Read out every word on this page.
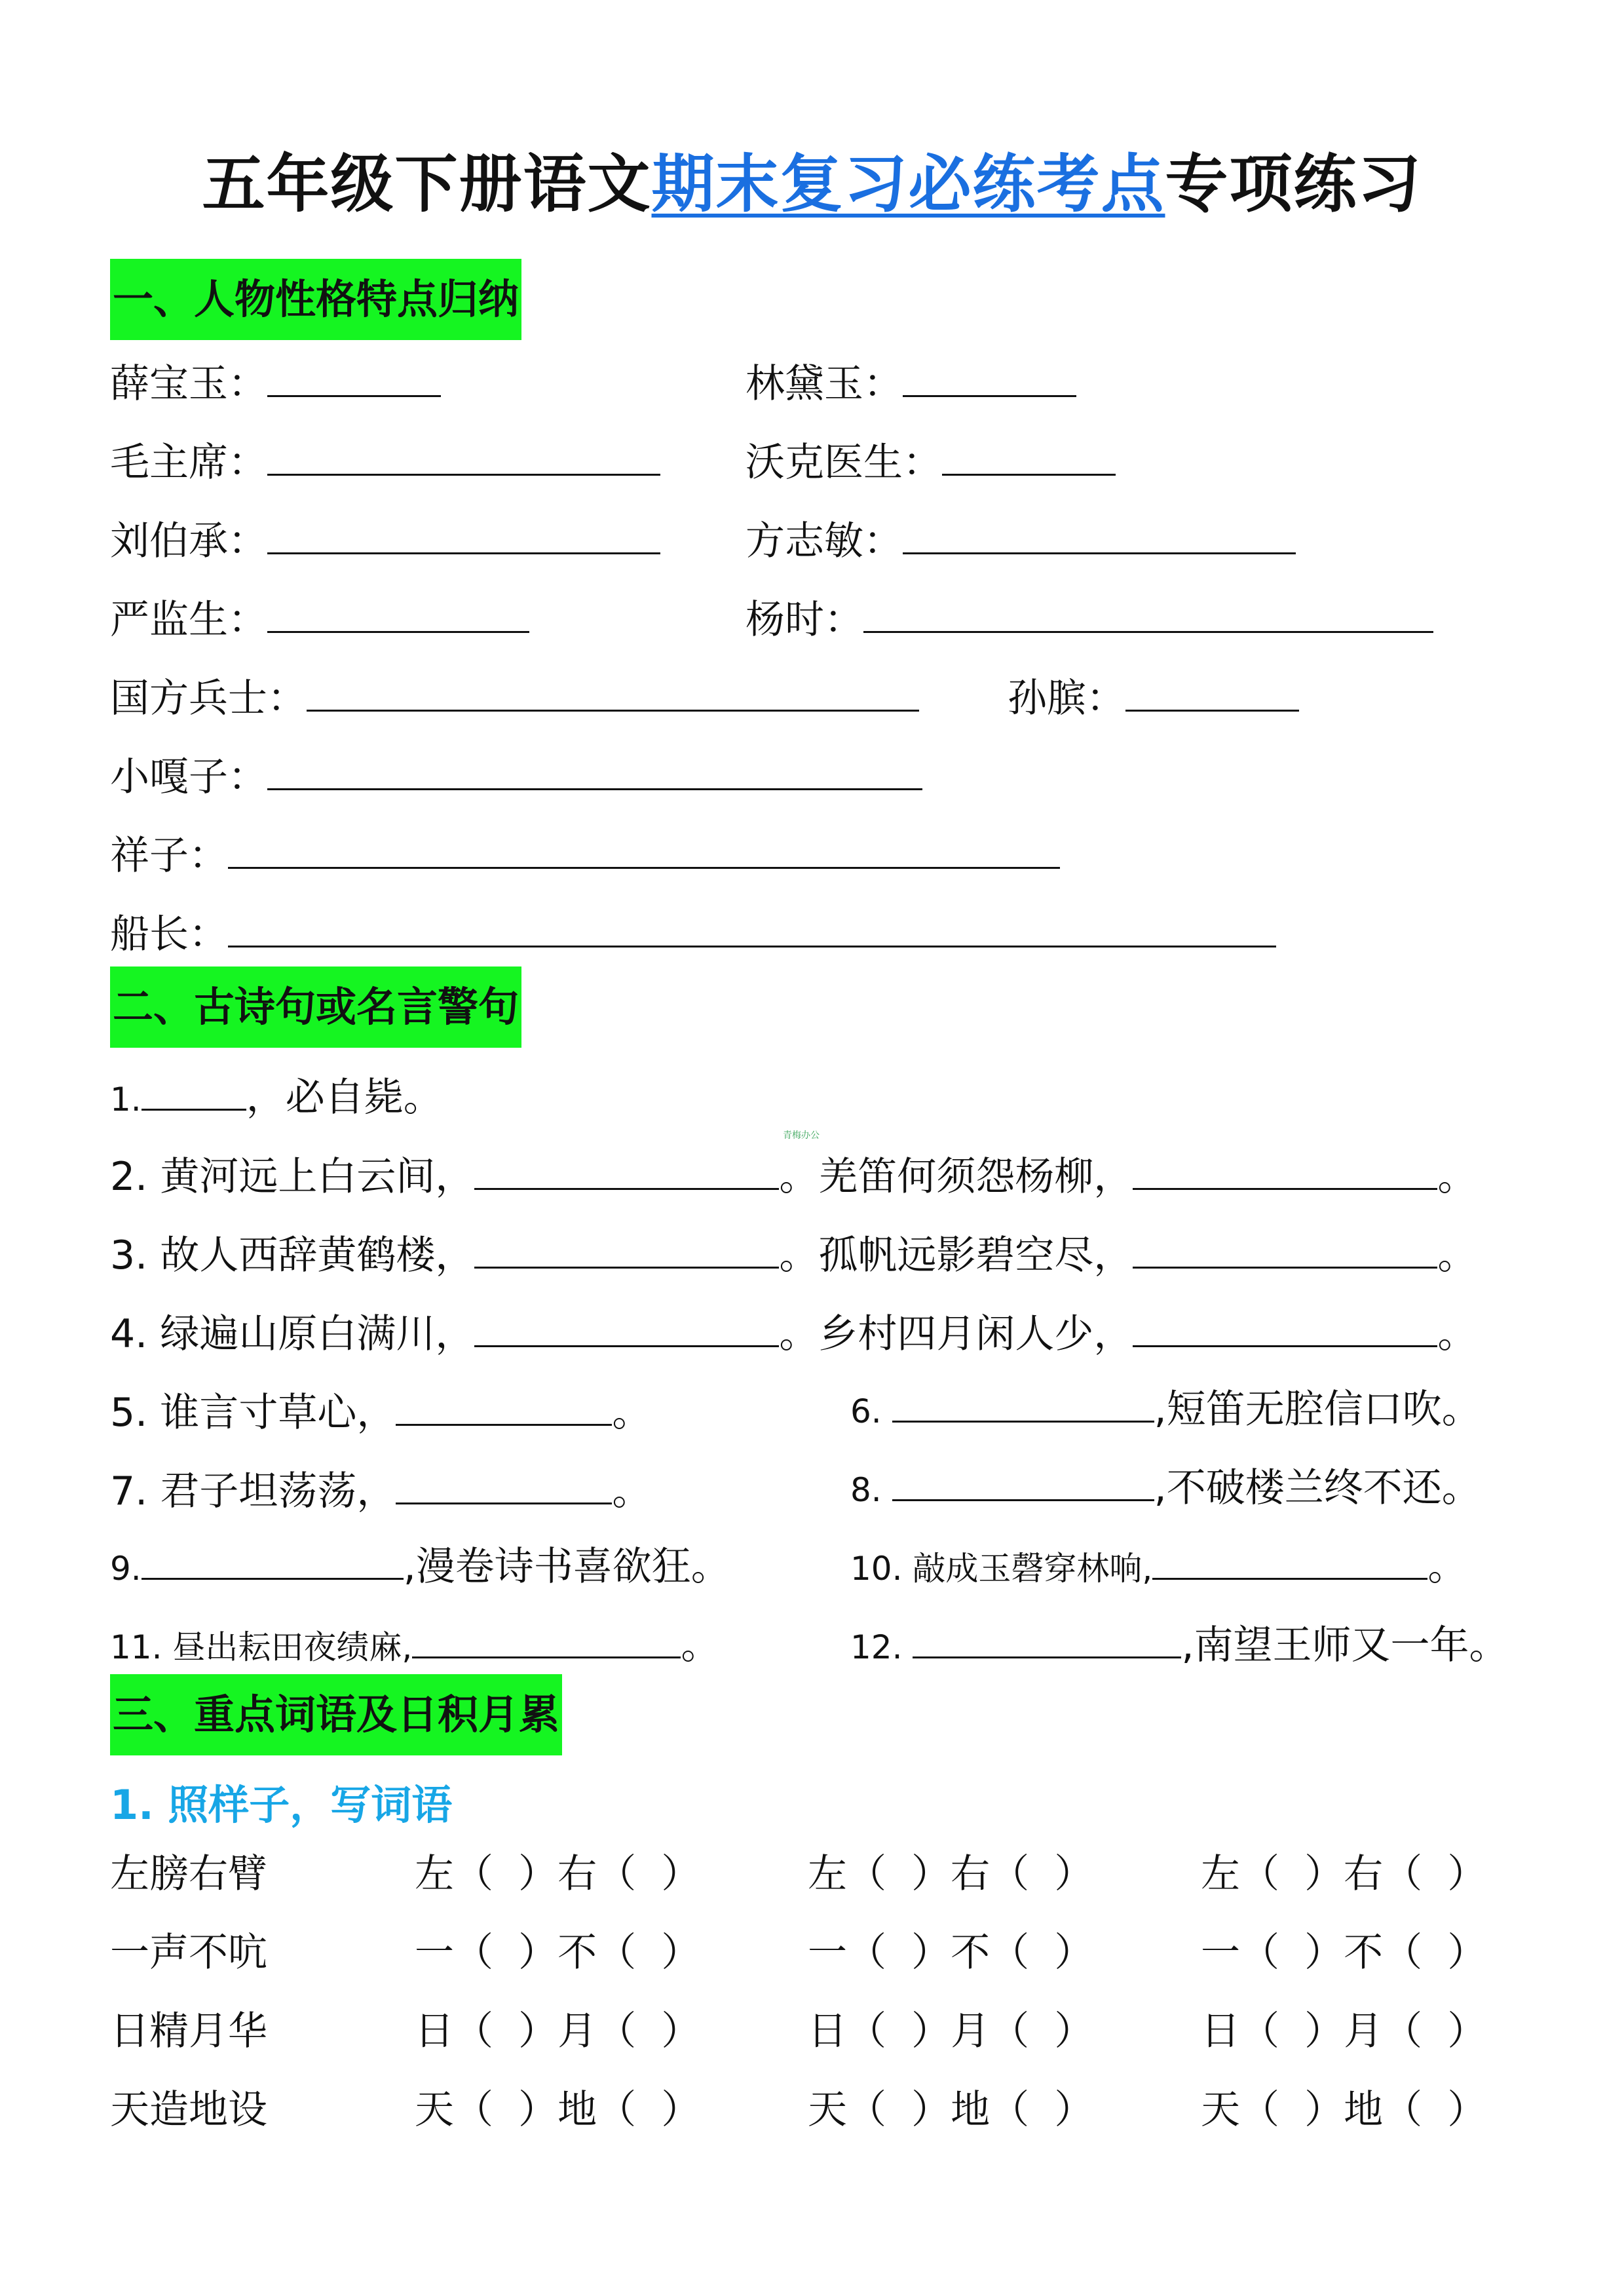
五年级下册语文期末复习必练考点专项练习
一、人物性格特点归纳
薛宝玉：	林黛玉：
毛主席：	沃克医生：
刘伯承：	方志敏：
严监生：	杨时：
国方兵士：	孙膑：
小嘎子：
祥子：
船长：
二、古诗句或名言警句
1.	，必自毙。
青梅办公
2. 黄河远上白云间，	。羌笛何须怨杨柳，	。
3. 故人西辞黄鹤楼，	。孤帆远影碧空尽，	。
4. 绿遍山原白满川，	。乡村四月闲人少，	。
5. 谁言寸草心，	。	6.	,短笛无腔信口吹。
7. 君子坦荡荡，	。	8.	,不破楼兰终不还。
9.	,漫卷诗书喜欲狂。	10. 敲成玉磬穿林响,	。
11. 昼出耘田夜绩麻,	。	12.	,南望王师又一年。
三、重点词语及日积月累
1. 照样子，写词语
左膀右臂	左（ ）右（ ）	左（ ）右（ ）	左（ ）右（ ）
一声不吭	一（ ）不（ ）	一（ ）不（ ）	一（ ）不（ ）
日精月华	日（ ）月（ ）	日（ ）月（ ）	日（ ）月（ ）
天造地设	天（ ）地（ ）	天（ ）地（ ）	天（ ）地（ ）
